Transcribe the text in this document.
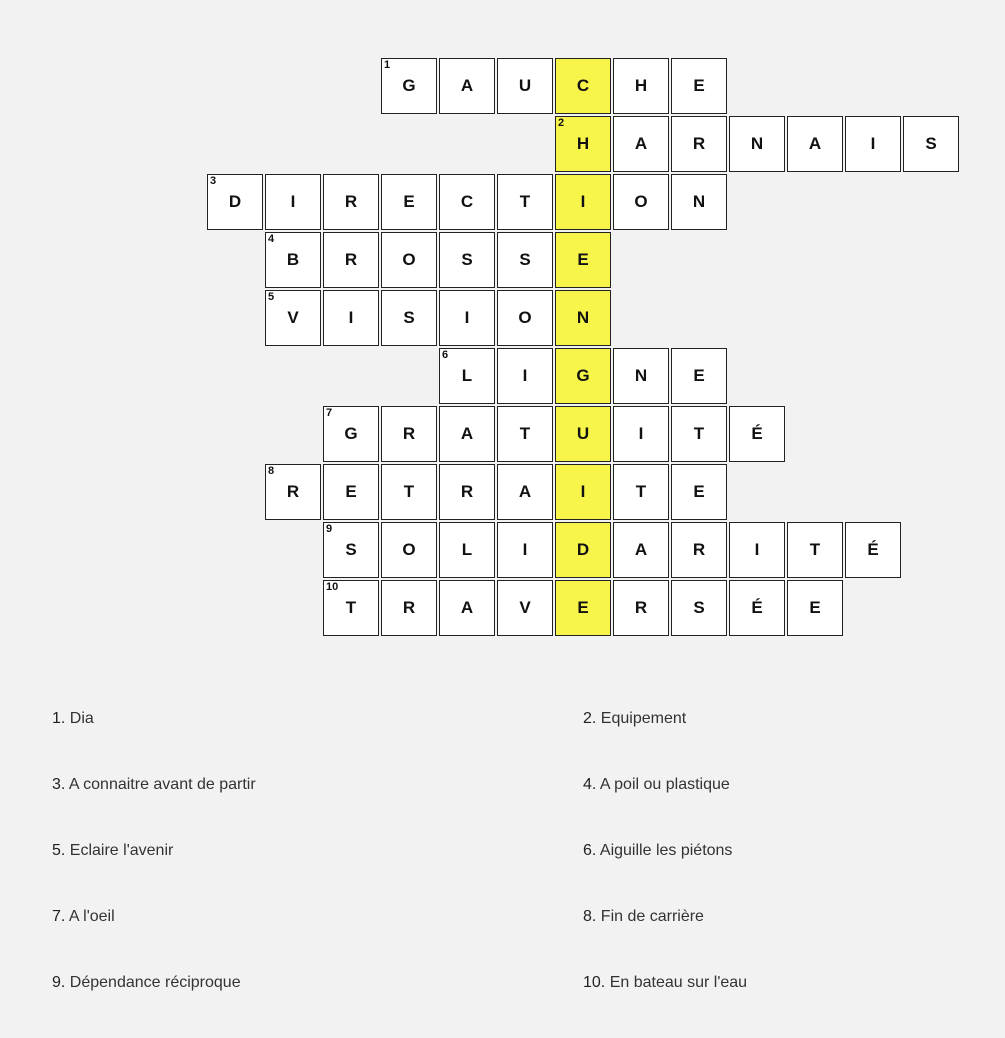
1
G	A	U	C	H	E
2
H	A	R	N	A	I	S
3
D	I	R	E	C	T	I	O	N
4
B	R	O	S	S	E
5
V	I	S	I	O	N
6
L	I	G	N	E
7
G	R	A	T	U	I	T	É
8
R	E	T	R	A	I	T	E
9
S	O	L	I	D	A	R	I	T	É
10
T	R	A	V	E	R	S	É	E
1. Dia	2. Equipement
3. A connaitre avant de partir	4. A poil ou plastique
5. Eclaire l'avenir	6. Aiguille les piétons
7. A l'oeil	8. Fin de carrière
9. Dépendance réciproque	10. En bateau sur l'eau
